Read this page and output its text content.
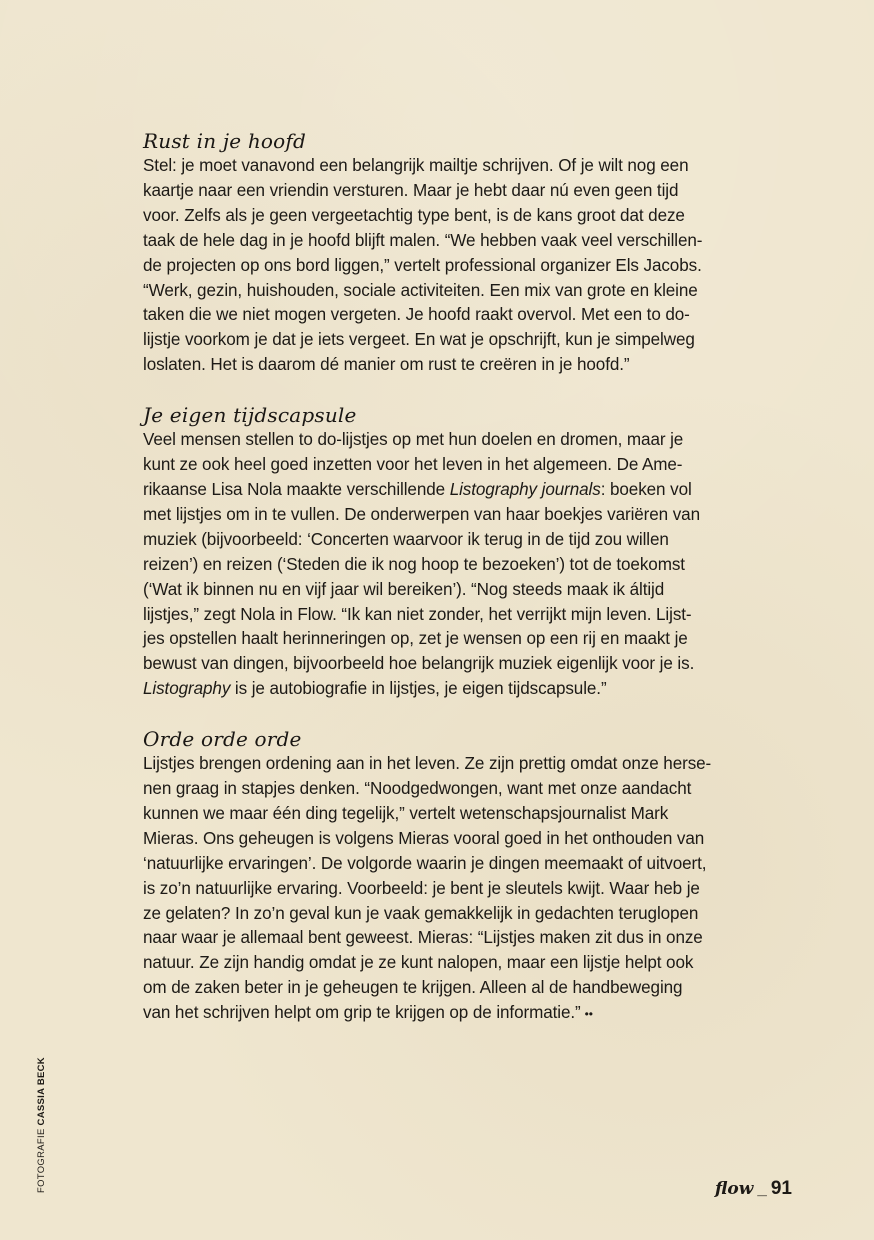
Rust in je hoofd
Stel: je moet vanavond een belangrijk mailtje schrijven. Of je wilt nog een
kaartje naar een vriendin versturen. Maar je hebt daar nú even geen tijd
voor. Zelfs als je geen vergeetachtig type bent, is de kans groot dat deze
taak de hele dag in je hoofd blijft malen. “We hebben vaak veel verschillen-
de projecten op ons bord liggen,” vertelt professional organizer Els Jacobs.
“Werk, gezin, huishouden, sociale activiteiten. Een mix van grote en kleine
taken die we niet mogen vergeten. Je hoofd raakt overvol. Met een to do-
lijstje voorkom je dat je iets vergeet. En wat je opschrijft, kun je simpelweg
loslaten. Het is daarom dé manier om rust te creëren in je hoofd.”
Je eigen tijdscapsule
Veel mensen stellen to do-lijstjes op met hun doelen en dromen, maar je
kunt ze ook heel goed inzetten voor het leven in het algemeen. De Ame-
rikaanse Lisa Nola maakte verschillende Listography journals: boeken vol
met lijstjes om in te vullen. De onderwerpen van haar boekjes variëren van
muziek (bijvoorbeeld: ‘Concerten waarvoor ik terug in de tijd zou willen
reizen’) en reizen (‘Steden die ik nog hoop te bezoeken’) tot de toekomst
(‘Wat ik binnen nu en vijf jaar wil bereiken’). “Nog steeds maak ik áltijd
lijstjes,” zegt Nola in Flow. “Ik kan niet zonder, het verrijkt mijn leven. Lijst-
jes opstellen haalt herinneringen op, zet je wensen op een rij en maakt je
bewust van dingen, bijvoorbeeld hoe belangrijk muziek eigenlijk voor je is.
Listography is je autobiografie in lijstjes, je eigen tijdscapsule.”
Orde orde orde
Lijstjes brengen ordening aan in het leven. Ze zijn prettig omdat onze herse-
nen graag in stapjes denken. “Noodgedwongen, want met onze aandacht
kunnen we maar één ding tegelijk,” vertelt wetenschapsjournalist Mark
Mieras. Ons geheugen is volgens Mieras vooral goed in het onthouden van
‘natuurlijke ervaringen’. De volgorde waarin je dingen meemaakt of uitvoert,
is zo’n natuurlijke ervaring. Voorbeeld: je bent je sleutels kwijt. Waar heb je
ze gelaten? In zo’n geval kun je vaak gemakkelijk in gedachten teruglopen
naar waar je allemaal bent geweest. Mieras: “Lijstjes maken zit dus in onze
natuur. Ze zijn handig omdat je ze kunt nalopen, maar een lijstje helpt ook
om de zaken beter in je geheugen te krijgen. Alleen al de handbeweging
van het schrijven helpt om grip te krijgen op de informatie.” ••
FOTOGRAFIE CASSIA BECK
flow _ 91
